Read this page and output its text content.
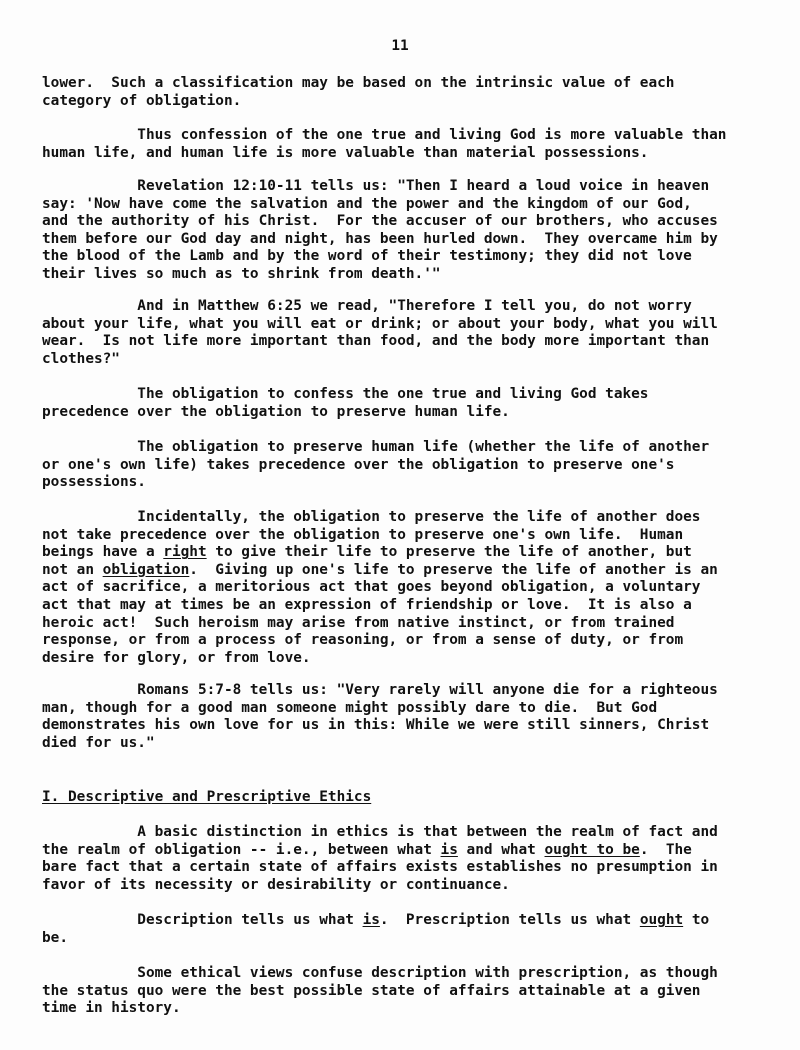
11
lower.  Such a classification may be based on the intrinsic value of each
category of obligation.
Thus confession of the one true and living God is more valuable than
human life, and human life is more valuable than material possessions.
Revelation 12:10-11 tells us: "Then I heard a loud voice in heaven
say: 'Now have come the salvation and the power and the kingdom of our God,
and the authority of his Christ.  For the accuser of our brothers, who accuses
them before our God day and night, has been hurled down.  They overcame him by
the blood of the Lamb and by the word of their testimony; they did not love
their lives so much as to shrink from death.'"
And in Matthew 6:25 we read, "Therefore I tell you, do not worry
about your life, what you will eat or drink; or about your body, what you will
wear.  Is not life more important than food, and the body more important than
clothes?"
The obligation to confess the one true and living God takes
precedence over the obligation to preserve human life.
The obligation to preserve human life (whether the life of another
or one's own life) takes precedence over the obligation to preserve one's
possessions.
Incidentally, the obligation to preserve the life of another does
not take precedence over the obligation to preserve one's own life.  Human
beings have a right to give their life to preserve the life of another, but
not an obligation.  Giving up one's life to preserve the life of another is an
act of sacrifice, a meritorious act that goes beyond obligation, a voluntary
act that may at times be an expression of friendship or love.  It is also a
heroic act!  Such heroism may arise from native instinct, or from trained
response, or from a process of reasoning, or from a sense of duty, or from
desire for glory, or from love.
Romans 5:7-8 tells us: "Very rarely will anyone die for a righteous
man, though for a good man someone might possibly dare to die.  But God
demonstrates his own love for us in this: While we were still sinners, Christ
died for us."
I. Descriptive and Prescriptive Ethics
A basic distinction in ethics is that between the realm of fact and
the realm of obligation -- i.e., between what is and what ought to be.  The
bare fact that a certain state of affairs exists establishes no presumption in
favor of its necessity or desirability or continuance.
Description tells us what is.  Prescription tells us what ought to
be.
Some ethical views confuse description with prescription, as though
the status quo were the best possible state of affairs attainable at a given
time in history.
